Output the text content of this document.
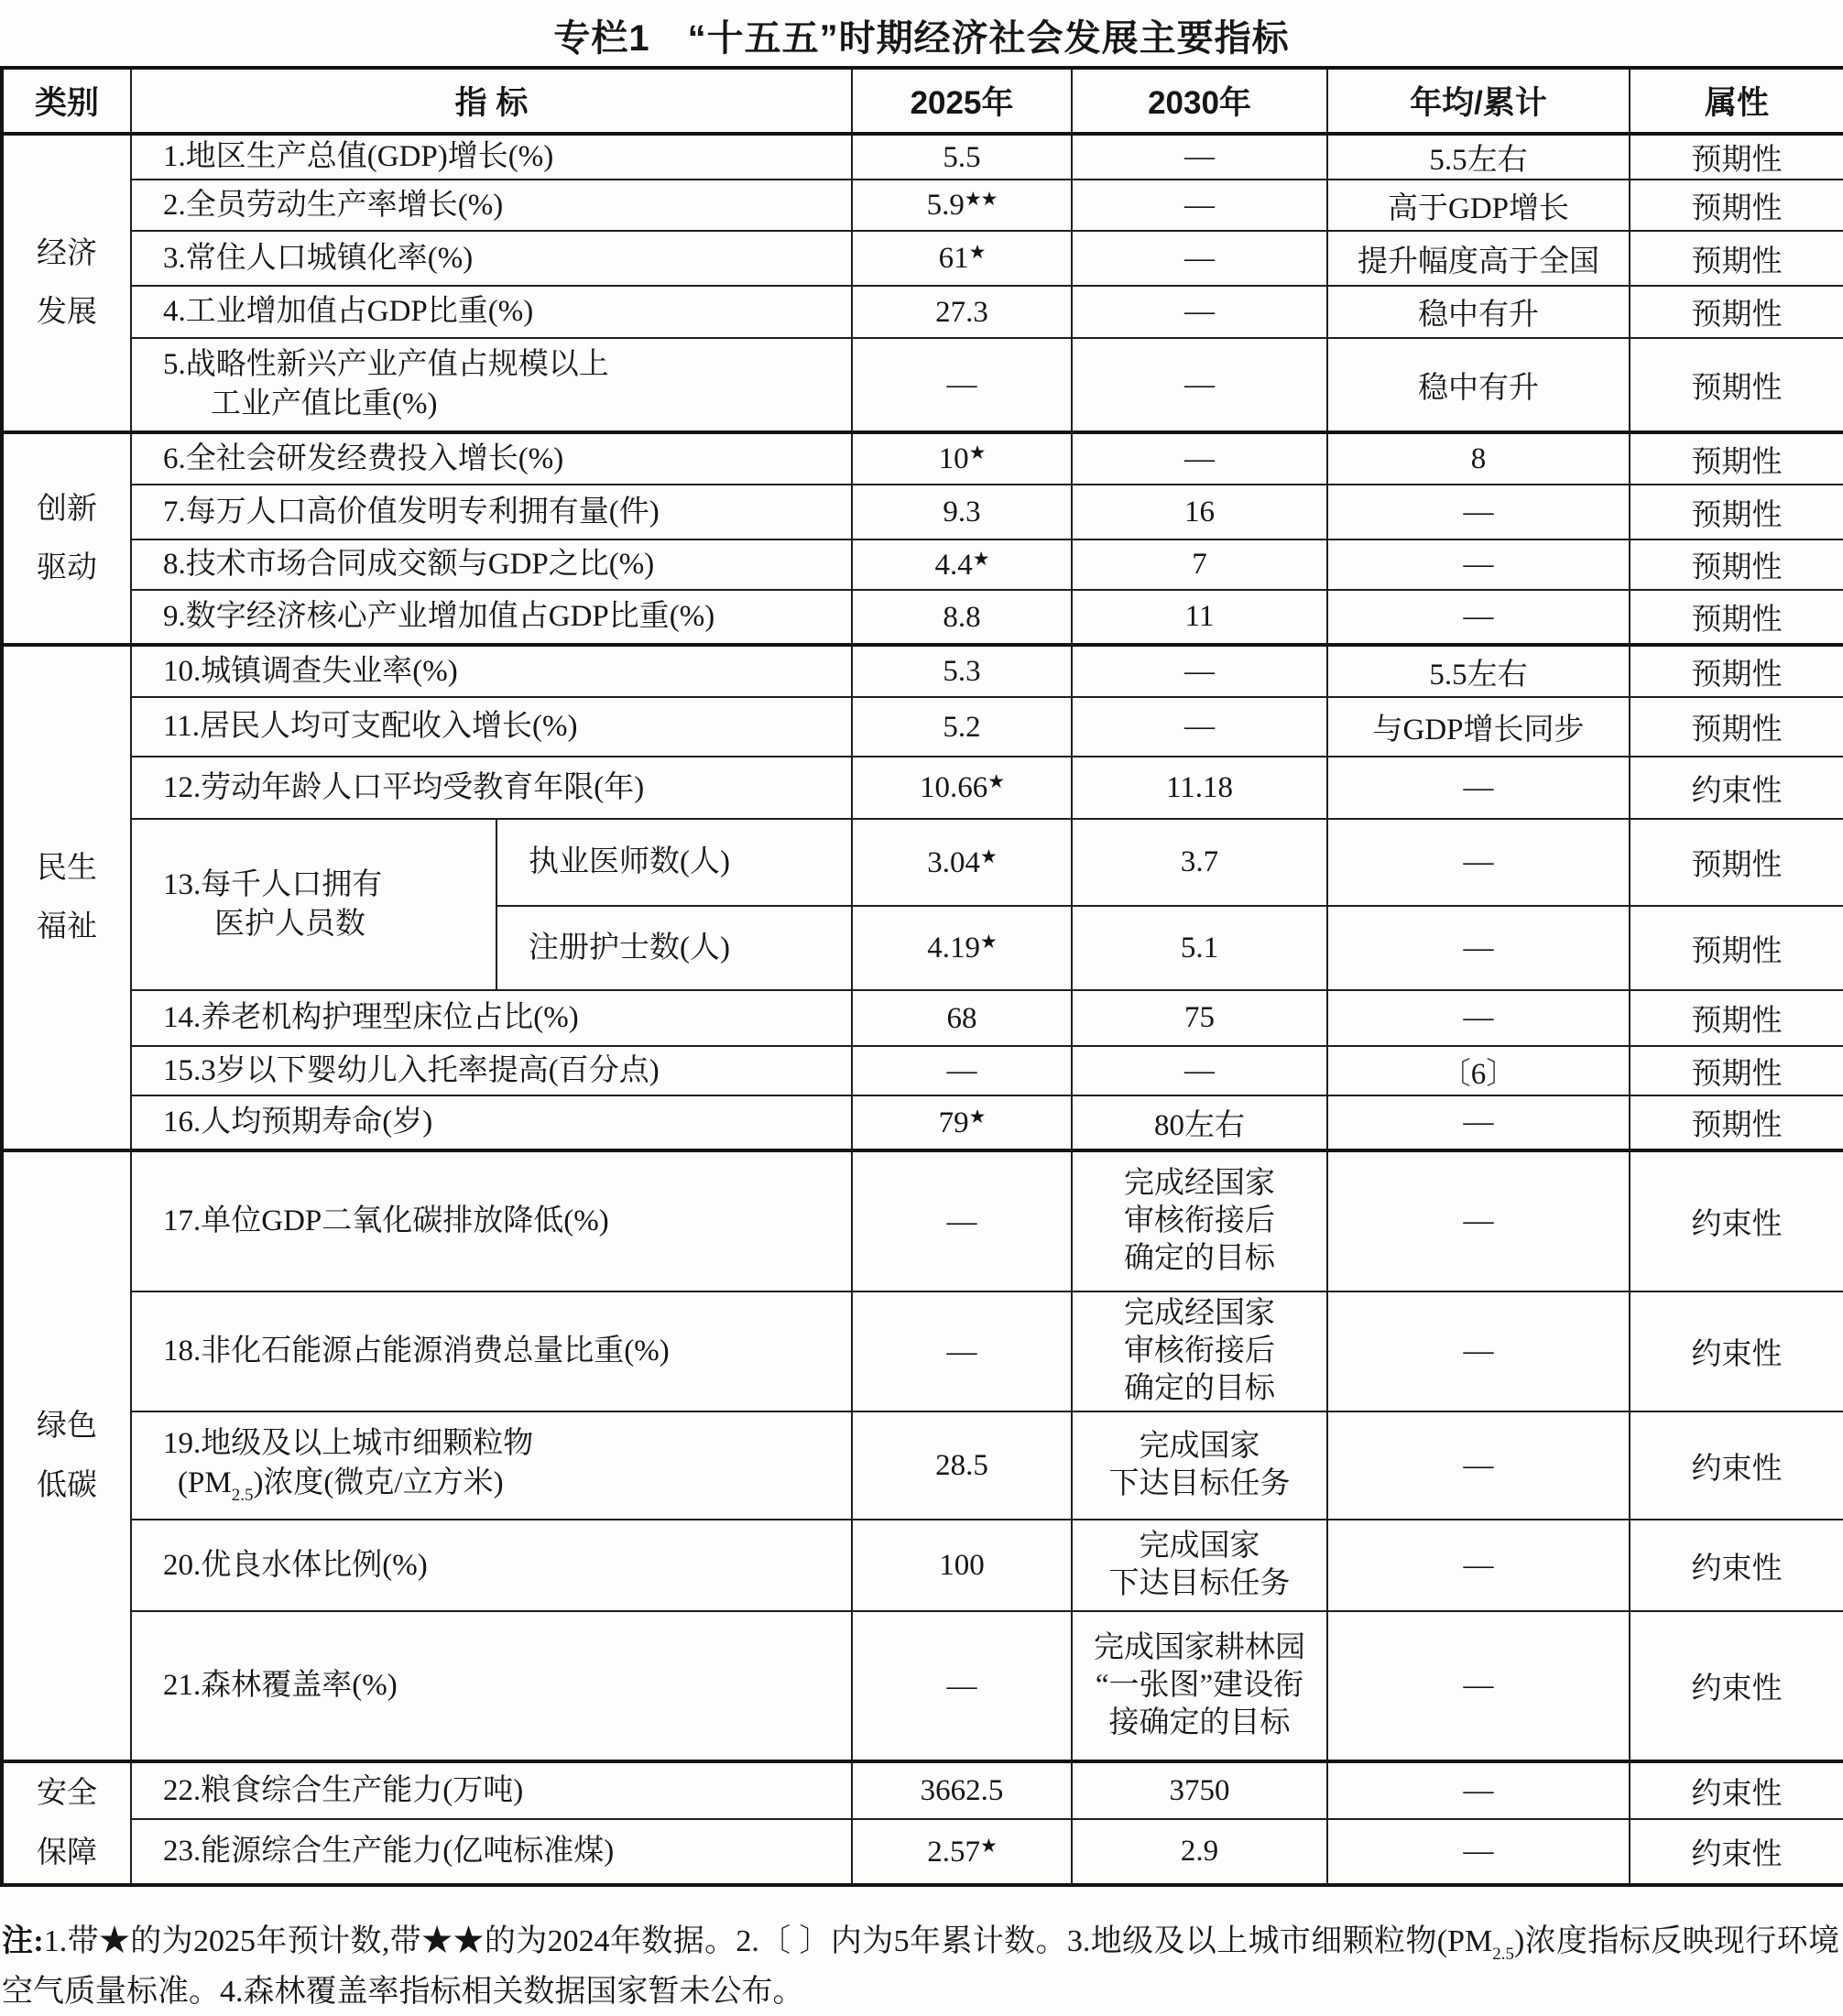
专栏1　“十五五”时期经济社会发展主要指标
类别	指 标		2025年	2030年	年均/累计	属性

经济
发展	1.地区生产总值(GDP)增长(%)		5.5	—	5.5左右	预期性
	2.全员劳动生产率增长(%)		5.9★★	—	高于GDP增长	预期性
	3.常住人口城镇化率(%)		61★	—	提升幅度高于全国	预期性
	4.工业增加值占GDP比重(%)		27.3	—	稳中有升	预期性

	5.战略性新兴产业产值占规模以上
工业产值比重(%)		—	—	稳中有升	预期性

创新
驱动	6.全社会研发经费投入增长(%)		10★	—	8	预期性
	7.每万人口高价值发明专利拥有量(件)		9.3	16	—	预期性
	8.技术市场合同成交额与GDP之比(%)		4.4★	7	—	预期性
	9.数字经济核心产业增加值占GDP比重(%)		8.8	11	—	预期性

民生
福祉	10.城镇调查失业率(%)		5.3	—	5.5左右	预期性
	11.居民人均可支配收入增长(%)		5.2	—	与GDP增长同步	预期性
	12.劳动年龄人口平均受教育年限(年)		10.66★	11.18	—	约束性

	13.每千人口拥有
医护人员数	执业医师数(人)	3.04★	3.7	—	预期性
		注册护士数(人)	4.19★	5.1	—	预期性
	14.养老机构护理型床位占比(%)		68	75	—	预期性
	15.3岁以下婴幼儿入托率提高(百分点)		—	—	〔6〕	预期性
	16.人均预期寿命(岁)		79★	80左右	—	预期性

绿色
低碳	17.单位GDP二氧化碳排放降低(%)		—	完成经国家
审核衔接后
确定的目标	—	约束性
	18.非化石能源占能源消费总量比重(%)		—	完成经国家
审核衔接后
确定的目标	—	约束性

	19.地级及以上城市细颗粒物
$(PM_{2.5})$浓度(微克/立方米)		28.5	完成国家
下达目标任务	—	约束性
	20.优良水体比例(%)		100	完成国家
下达目标任务	—	约束性
	21.森林覆盖率(%)		—	完成国家耕林园
“一张图”建设衔
接确定的目标	—	约束性

安全
保障	22.粮食综合生产能力(万吨)		3662.5	3750	—	约束性
	23.能源综合生产能力(亿吨标准煤)		2.57★	2.9	—	约束性
注:1.带★的为2025年预计数,带★★的为2024年数据。2.〔 〕内为5年累计数。3.地级及以上城市细颗粒物$(PM_{2.5})$浓度指标反映现行环境空气质量标准。4.森林覆盖率指标相关数据国家暂未公布。
